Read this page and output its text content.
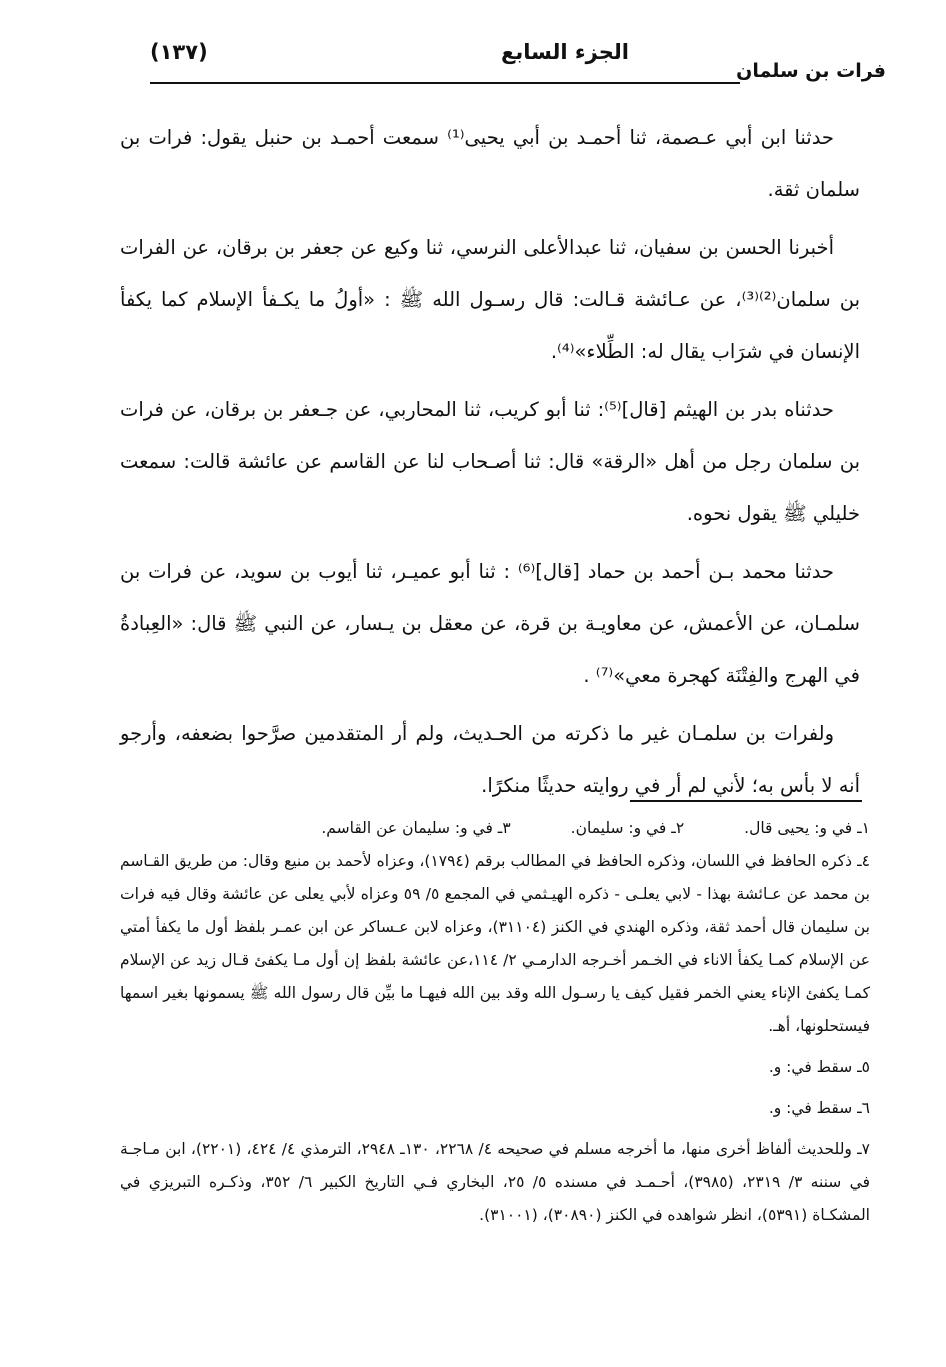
(١٣٧)	الجزء السابع
فرات بن سلمان

حدثنا ابن أبي عـصمة، ثنا أحمـد بن أبي يحيى⁽¹⁾ سمعت أحمـد بن حنبل يقول: فرات بن سلمان ثقة.

أخبرنا الحسن بن سفيان، ثنا عبدالأعلى النرسي، ثنا وكيع عن جعفر بن برقان، عن الفرات بن سلمان⁽²⁾⁽³⁾، عن عـائشة قـالت: قال رسـول الله ﷺ : «أولُ ما يكـفأ الإسلام كما يكفأ الإنسان في شرَاب يقال له: الطِّلاء»⁽⁴⁾.

حدثناه بدر بن الهيثم [قال]⁽⁵⁾: ثنا أبو كريب، ثنا المحاربي، عن جـعفر بن برقان، عن فرات بن سلمان رجل من أهل «الرقة» قال: ثنا أصـحاب لنا عن القاسم عن عائشة قالت: سمعت خليلي ﷺ يقول نحوه.

حدثنا محمد بـن أحمد بن حماد [قال]⁽⁶⁾ : ثنا أبو عميـر، ثنا أيوب بن سويد، عن فرات بن سلمـان، عن الأعمش، عن معاويـة بن قرة، عن معقل بن يـسار، عن النبي ﷺ قال: «العِبادةُ في الهرج والفِتْنَة كهجرة معي»⁽⁷⁾ .

ولفرات بن سلمـان غير ما ذكرته من الحـديث، ولم أر المتقدمين صرَّحوا بضعفه، وأرجو أنه لا بأس به؛ لأني لم أر في روايته حديثًا منكرًا.

١ـ في و: يحيى قال.
٢ـ في و: سليمان.
٣ـ في و: سليمان عن القاسم.

٤ـ ذكره الحافظ في اللسان، وذكره الحافظ في المطالب برقم (١٧٩٤)، وعزاه لأحمد بن منيع وقال: من طريق القـاسم بن محمد عن عـائشة بهذا - لابي يعلـى - ذكره الهيـثمي في المجمع ٥/ ٥٩ وعزاه لأبي يعلى عن عائشة وقال فيه فرات بن سليمان قال أحمد ثقة، وذكره الهندي في الكنز (٣١١٠٤)، وعزاه لابن عـساكر عن ابن عمـر بلفظ أول ما يكفأ أمتي عن الإسلام كمـا يكفأ الاناء في الخـمر أخـرجه الدارمـي ٢/ ١١٤،عن عائشة بلفظ إن أول مـا يكفئ قـال زيد عن الإسلام كمـا يكفئ الإناء يعني الخمر فقيل كيف يا رسـول الله وقد بين الله فيهـا ما بيِّن قال رسول الله ﷺ يسمونها بغير اسمها فيستحلونها، أهـ.

٥ـ سقط في: و.

٦ـ سقط في: و.

٧ـ وللحديث ألفاظ أخرى منها، ما أخرجه مسلم في صحيحه ٤/ ٢٢٦٨، ١٣٠ـ ٢٩٤٨، الترمذي ٤/ ٤٢٤، (٢٢٠١)، ابن مـاجـة في سننه ٣/ ٢٣١٩، (٣٩٨٥)، أحـمـد في مسنده ٥/ ٢٥، البخاري فـي التاريخ الكبير ٦/ ٣٥٢، وذكـره التبريزي في المشكـاة (٥٣٩١)، انظر شواهده في الكنز (٣٠٨٩٠)، (٣١٠٠١).
